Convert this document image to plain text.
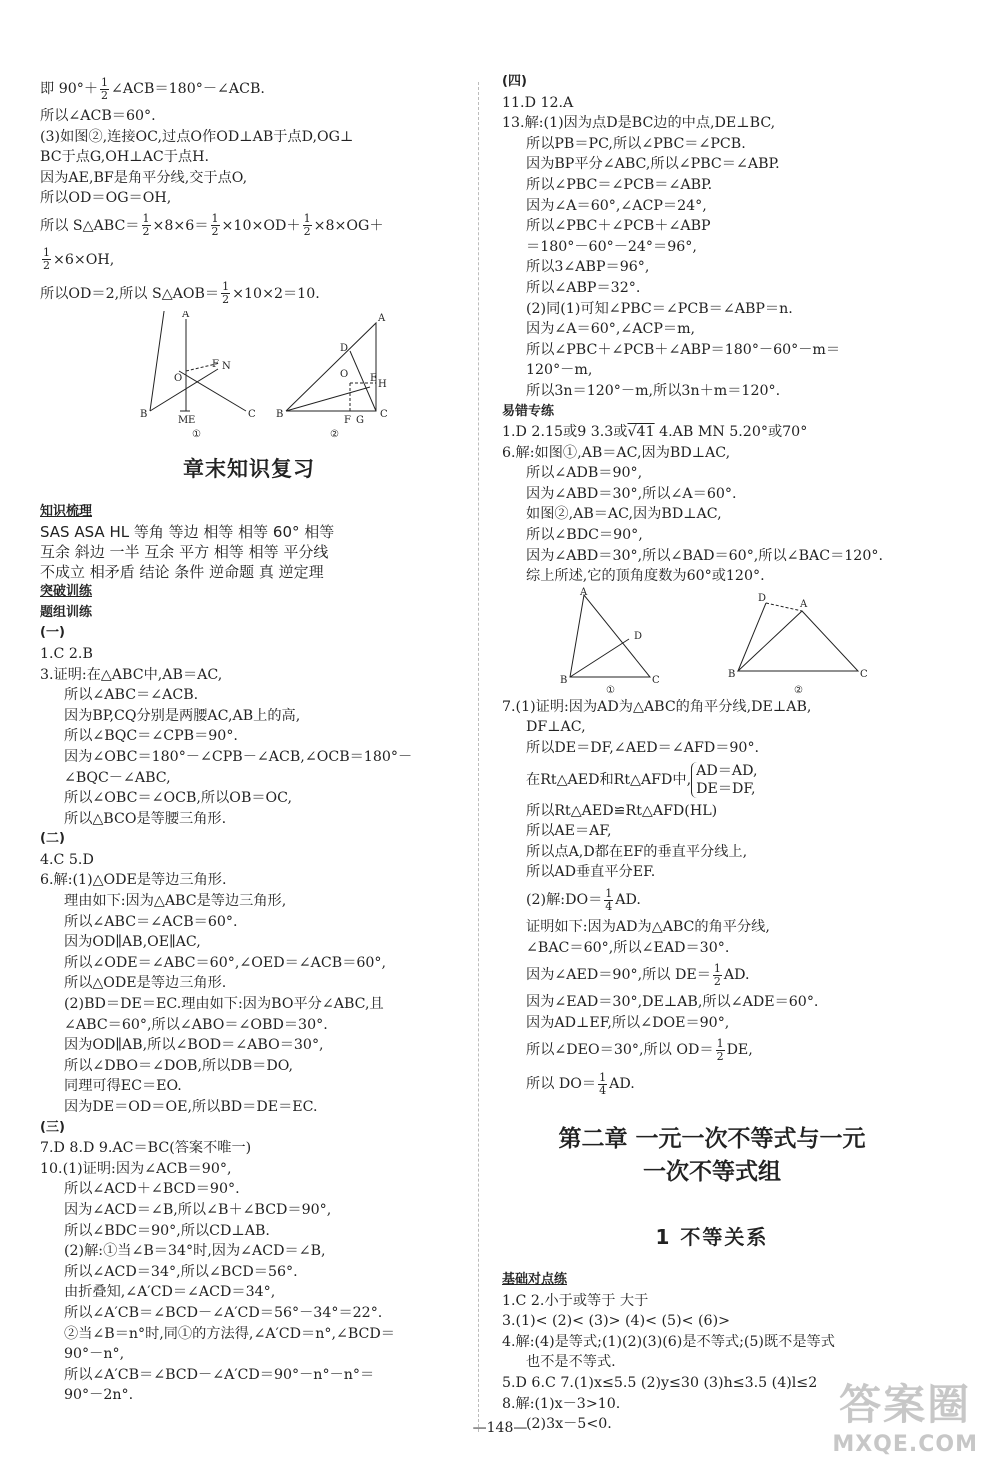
即 $90^\circ+ \frac{1}{2}$ ∠ACB＝180°－∠ACB.
所以∠ACB＝60°.
(3)如图②,连接OC,过点O作OD⊥AB于点D,OG⊥
BC于点G,OH⊥AC于点H.
因为AE,BF是角平分线,交于点O,
所以OD＝OG＝OH,
所以 S△ABC＝ $\frac{1}{2} \times 8\times 6= \frac{1}{2} \times 10\times OD+ \frac{1}{2} \times 8\times OG+$
$\frac{1}{2} \times 6\times OH$,
所以OD＝2,所以 S△AOB＝ $\frac{1}{2} \times 10\times 2=10$.
A
B	C
O
F N
M E
①
A
B	C
D
O
H
E
F G
②
章末知识复习
知识梳理
SAS ASA HL 等角 等边 相等 相等 60° 相等
互余 斜边 一半 互余 平方 相等 相等 平分线
不成立 相矛盾 结论 条件 逆命题 真 逆定理
突破训练
题组训练
(一)
1.C 2.B
3.证明:在△ABC中,AB＝AC,
所以∠ABC＝∠ACB.
因为BP,CQ分别是两腰AC,AB上的高,
所以∠BQC＝∠CPB＝90°.
因为∠OBC＝180°－∠CPB－∠ACB,∠OCB＝180°－
∠BQC－∠ABC,
所以∠OBC＝∠OCB,所以OB＝OC,
所以△BCO是等腰三角形.
(二)
4.C 5.D
6.解:(1)△ODE是等边三角形.
理由如下:因为△ABC是等边三角形,
所以∠ABC＝∠ACB＝60°.
因为OD∥AB,OE∥AC,
所以∠ODE＝∠ABC＝60°,∠OED＝∠ACB＝60°,
所以△ODE是等边三角形.
(2)BD＝DE＝EC.理由如下:因为BO平分∠ABC,且
∠ABC＝60°,所以∠ABO＝∠OBD＝30°.
因为OD∥AB,所以∠BOD＝∠ABO＝30°,
所以∠DBO＝∠DOB,所以DB＝DO,
同理可得EC＝EO.
因为DE＝OD＝OE,所以BD＝DE＝EC.
(三)
7.D 8.D 9.AC＝BC(答案不唯一)
10.(1)证明:因为∠ACB＝90°,
所以∠ACD＋∠BCD＝90°.
因为∠ACD＝∠B,所以∠B＋∠BCD＝90°,
所以∠BDC＝90°,所以CD⊥AB.
(2)解:①当∠B＝34°时,因为∠ACD＝∠B,
所以∠ACD＝34°,所以∠BCD＝56°.
由折叠知,∠A′CD＝∠ACD＝34°,
所以∠A′CB＝∠BCD－∠A′CD＝56°－34°＝22°.
②当∠B＝n°时,同①的方法得,∠A′CD＝n°,∠BCD＝
90°－n°,
所以∠A′CB＝∠BCD－∠A′CD＝90°－n°－n°＝
90°－2n°.
(四)
11.D 12.A
13.解:(1)因为点D是BC边的中点,DE⊥BC,
所以PB＝PC,所以∠PBC＝∠PCB.
因为BP平分∠ABC,所以∠PBC＝∠ABP.
所以∠PBC＝∠PCB＝∠ABP.
因为∠A＝60°,∠ACP＝24°,
所以∠PBC＋∠PCB＋∠ABP
＝180°－60°－24°＝96°,
所以3∠ABP＝96°,
所以∠ABP＝32°.
(2)同(1)可知∠PBC＝∠PCB＝∠ABP＝n.
因为∠A＝60°,∠ACP＝m,
所以∠PBC＋∠PCB＋∠ABP＝180°－60°－m＝
120°－m,
所以3n＝120°－m,所以3n＋m＝120°.
易错专练
1.D 2.15或9 3.3或√41 4.AB MN 5.20°或70°
6.解:如图①,AB＝AC,因为BD⊥AC,
所以∠ADB＝90°,
因为∠ABD＝30°,所以∠A＝60°.
如图②,AB＝AC,因为BD⊥AC,
所以∠BDC＝90°,
因为∠ABD＝30°,所以∠BAD＝60°,所以∠BAC＝120°.
综上所述,它的顶角度数为60°或120°.
A
B	C
D
①
A
B	C
D
②
7.(1)证明:因为AD为△ABC的角平分线,DE⊥AB,
DF⊥AC,
所以DE＝DF,∠AED＝∠AFD＝90°.
在Rt△AED和Rt△AFD中,
AD＝AD,
DE＝DF,
所以Rt△AED≌Rt△AFD(HL)
所以AE＝AF,
所以点A,D都在EF的垂直平分线上,
所以AD垂直平分EF.
(2)解:DO＝ $\frac{1}{4}$ AD.
证明如下:因为AD为△ABC的角平分线,
∠BAC＝60°,所以∠EAD＝30°.
因为∠AED＝90°,所以 $DE= \frac{1}{2}$ AD.
因为∠EAD＝30°,DE⊥AB,所以∠ADE＝60°.
因为AD⊥EF,所以∠DOE＝90°,
所以∠DEO＝30°,所以 $OD= \frac{1}{2}$ DE,
所以 $DO= \frac{1}{4}$ AD.
第二章 一元一次不等式与一元
一次不等式组
1 不等关系
基础对点练
1.C 2.小于或等于 大于
3.(1)< (2)< (3)> (4)< (5)< (6)>
4.解:(4)是等式;(1)(2)(3)(6)是不等式;(5)既不是等式
也不是不等式.
5.D 6.C 7.(1)x≤5.5 (2)y≤30 (3)h≤3.5 (4)l≤2
8.解:(1)x－3>10.
(2)3x－5<0.
—148—	答案圈
MXQE.COM
